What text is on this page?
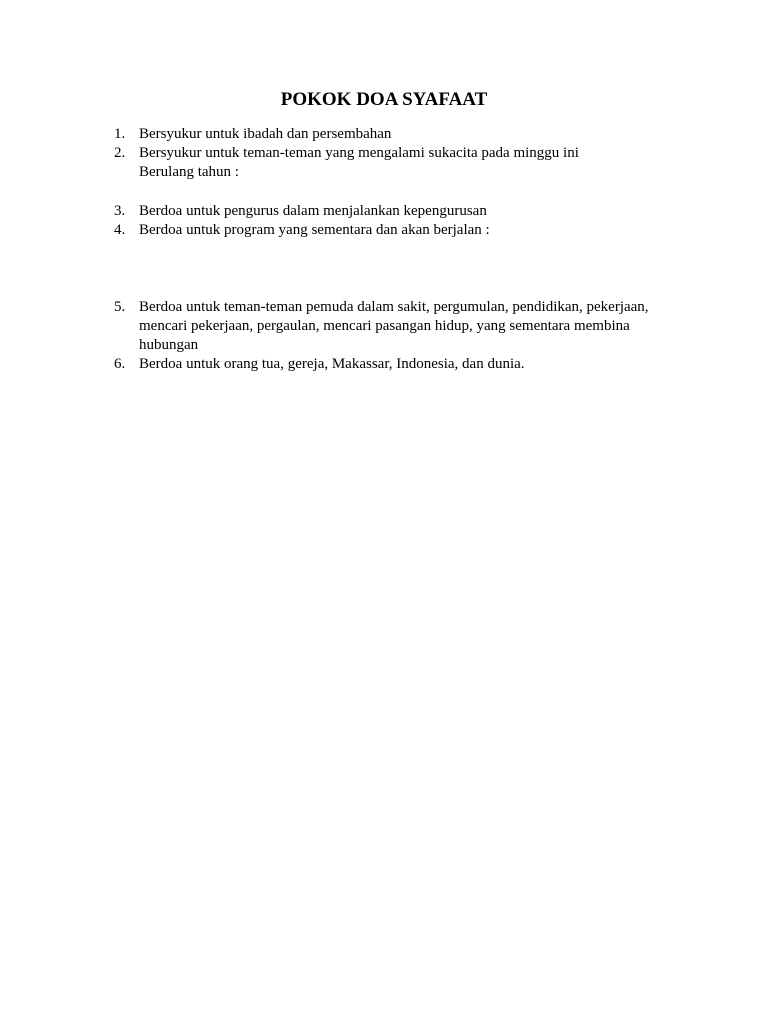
POKOK DOA SYAFAAT
1. Bersyukur untuk ibadah dan persembahan
2. Bersyukur untuk teman-teman yang mengalami sukacita pada minggu ini
Berulang tahun :
3. Berdoa untuk pengurus dalam menjalankan kepengurusan
4. Berdoa untuk program yang sementara dan akan berjalan :
5. Berdoa untuk teman-teman pemuda dalam sakit, pergumulan, pendidikan, pekerjaan, mencari pekerjaan, pergaulan, mencari pasangan hidup, yang sementara membina hubungan
6. Berdoa untuk orang tua, gereja, Makassar, Indonesia, dan dunia.
